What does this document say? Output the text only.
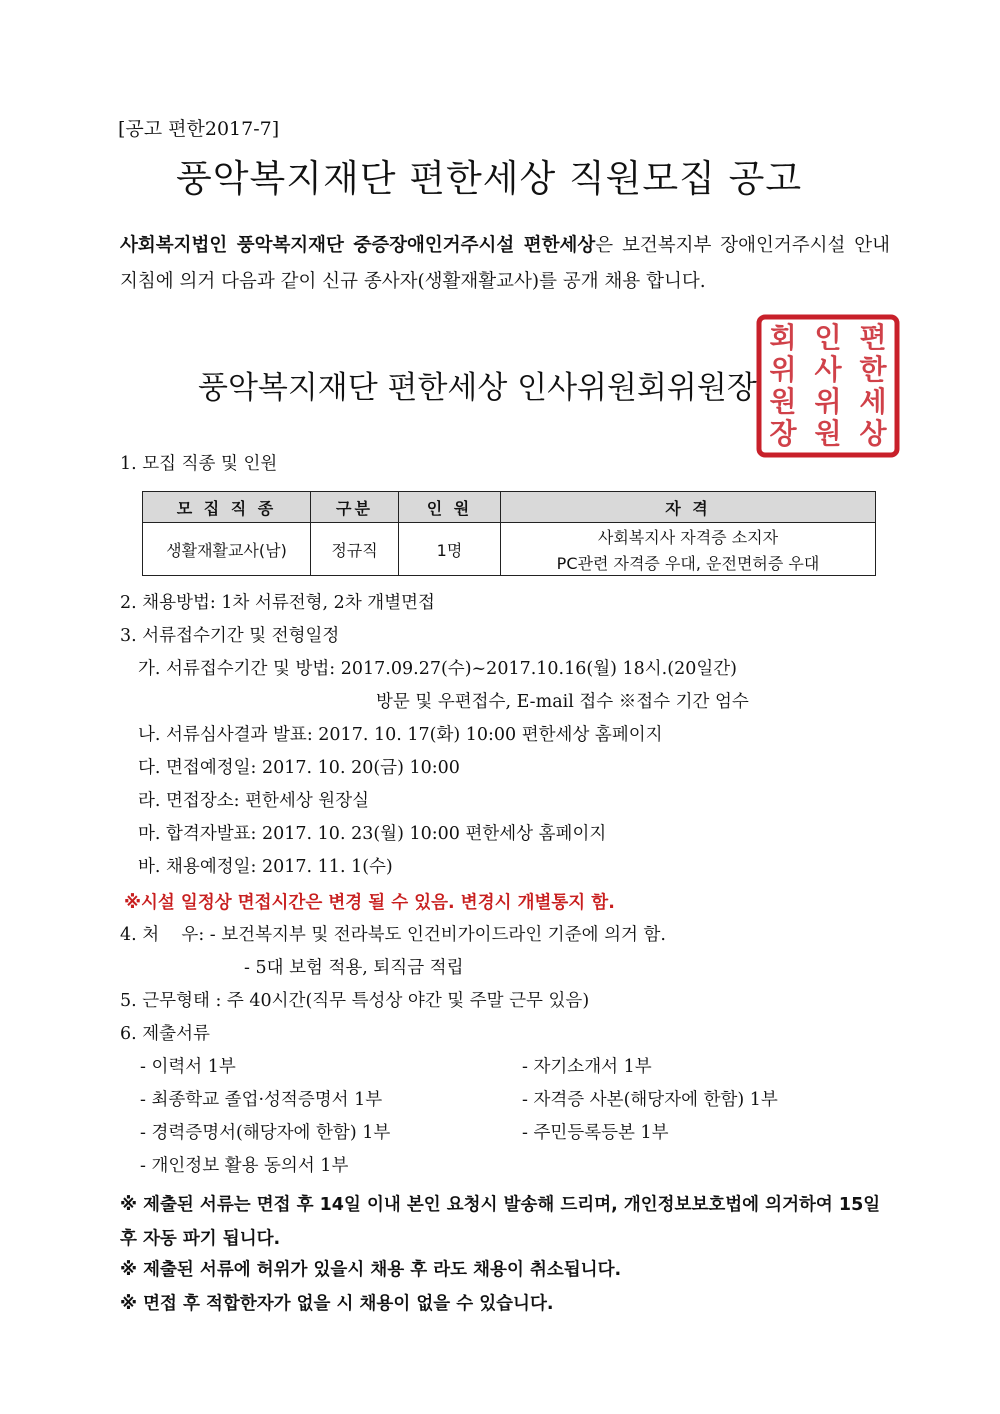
[공고 편한2017-7]
풍악복지재단 편한세상 직원모집 공고

사회복지법인 풍악복지재단 중증장애인거주시설 편한세상은 보건복지부 장애인거주시설 안내 지침에 의거 다음과 같이 신규 종사자(생활재활교사)를 공개 채용 합니다.

풍악복지재단 편한세상 인사위원회위원장
편
한
세
상
인
사
위
원
회
위
원
장
1. 모집 직종 및 인원
모 집 직 종	구분	인 원	자 격
생활재활교사(남)	정규직	1명	사회복지사 자격증 소지자
			PC관련 자격증 우대, 운전면허증 우대
2. 채용방법: 1차 서류전형, 2차 개별면접
3. 서류접수기간 및 전형일정
가. 서류접수기간 및 방법: 2017.09.27(수)~2017.10.16(월) 18시.(20일간)
방문 및 우편접수, E-mail 접수 ※접수 기간 엄수
나. 서류심사결과 발표: 2017. 10. 17(화) 10:00 편한세상 홈페이지
다. 면접예정일: 2017. 10. 20(금) 10:00
라. 면접장소: 편한세상 원장실
마. 합격자발표: 2017. 10. 23(월) 10:00 편한세상 홈페이지
바. 채용예정일: 2017. 11. 1(수)
※시설 일정상 면접시간은 변경 될 수 있음. 변경시 개별통지 함.
4. 처    우: - 보건복지부 및 전라북도 인건비가이드라인 기준에 의거 함.
- 5대 보험 적용, 퇴직금 적립
5. 근무형태 : 주 40시간(직무 특성상 야간 및 주말 근무 있음)
6. 제출서류
- 이력서 1부	- 자기소개서 1부
- 최종학교 졸업·성적증명서 1부	- 자격증 사본(해당자에 한함) 1부
- 경력증명서(해당자에 한함) 1부	- 주민등록등본 1부
- 개인정보 활용 동의서 1부
※ 제출된 서류는 면접 후 14일 이내 본인 요청시 발송해 드리며, 개인정보보호법에 의거하여 15일후 자동 파기 됩니다.
※ 제출된 서류에 허위가 있을시 채용 후 라도 채용이 취소됩니다.
※ 면접 후 적합한자가 없을 시 채용이 없을 수 있습니다.
